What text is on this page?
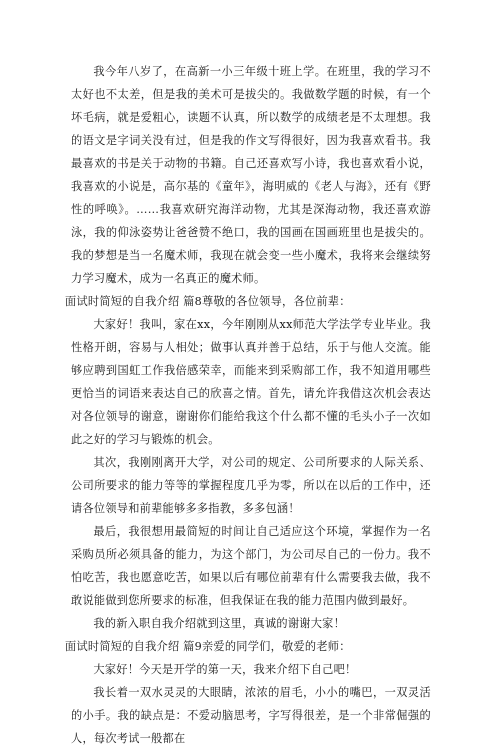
我今年八岁了，在高新一小三年级十班上学。在班里，我的学习不太好也不太差，但是我的美术可是拔尖的。我做数学题的时候，有一个坏毛病，就是爱粗心，读题不认真，所以数学的成绩老是不太理想。我的语文是字词关没有过，但是我的作文写得很好，因为我喜欢看书。我最喜欢的书是关于动物的书籍。自己还喜欢写小诗，我也喜欢看小说，我喜欢的小说是，高尔基的《童年》，海明威的《老人与海》，还有《野性的呼唤》。……我喜欢研究海洋动物，尤其是深海动物，我还喜欢游泳，我的仰泳姿势让爸爸赞不绝口，我的国画在国画班里也是拔尖的。我的梦想是当一名魔术师，我现在就会变一些小魔术，我将来会继续努力学习魔术，成为一名真正的魔术师。

面试时简短的自我介绍 篇8尊敬的各位领导，各位前辈：

大家好！我叫，家在xx，今年刚刚从xx师范大学法学专业毕业。我性格开朗，容易与人相处；做事认真并善于总结，乐于与他人交流。能够应聘到国虹工作我倍感荣幸，而能来到采购部工作，我不知道用哪些更恰当的词语来表达自己的欣喜之情。首先，请允许我借这次机会表达对各位领导的谢意，谢谢你们能给我这个什么都不懂的毛头小子一次如此之好的学习与锻炼的机会。

其次，我刚刚离开大学，对公司的规定、公司所要求的人际关系、公司所要求的能力等等的掌握程度几乎为零，所以在以后的工作中，还请各位领导和前辈能够多多指教，多多包涵！

最后，我很想用最简短的时间让自己适应这个环境，掌握作为一名采购员所必须具备的能力，为这个部门，为公司尽自己的一份力。我不怕吃苦，我也愿意吃苦，如果以后有哪位前辈有什么需要我去做，我不敢说能做到您所要求的标准，但我保证在我的能力范围内做到最好。

我的新入职自我介绍就到这里，真诚的谢谢大家！

面试时简短的自我介绍 篇9亲爱的同学们，敬爱的老师：

大家好！今天是开学的第一天，我来介绍下自己吧！

我长着一双水灵灵的大眼睛，浓浓的眉毛，小小的嘴巴，一双灵活的小手。我的缺点是：不爱动脑思考，字写得很差，是一个非常倔强的人，每次考试一般都在
